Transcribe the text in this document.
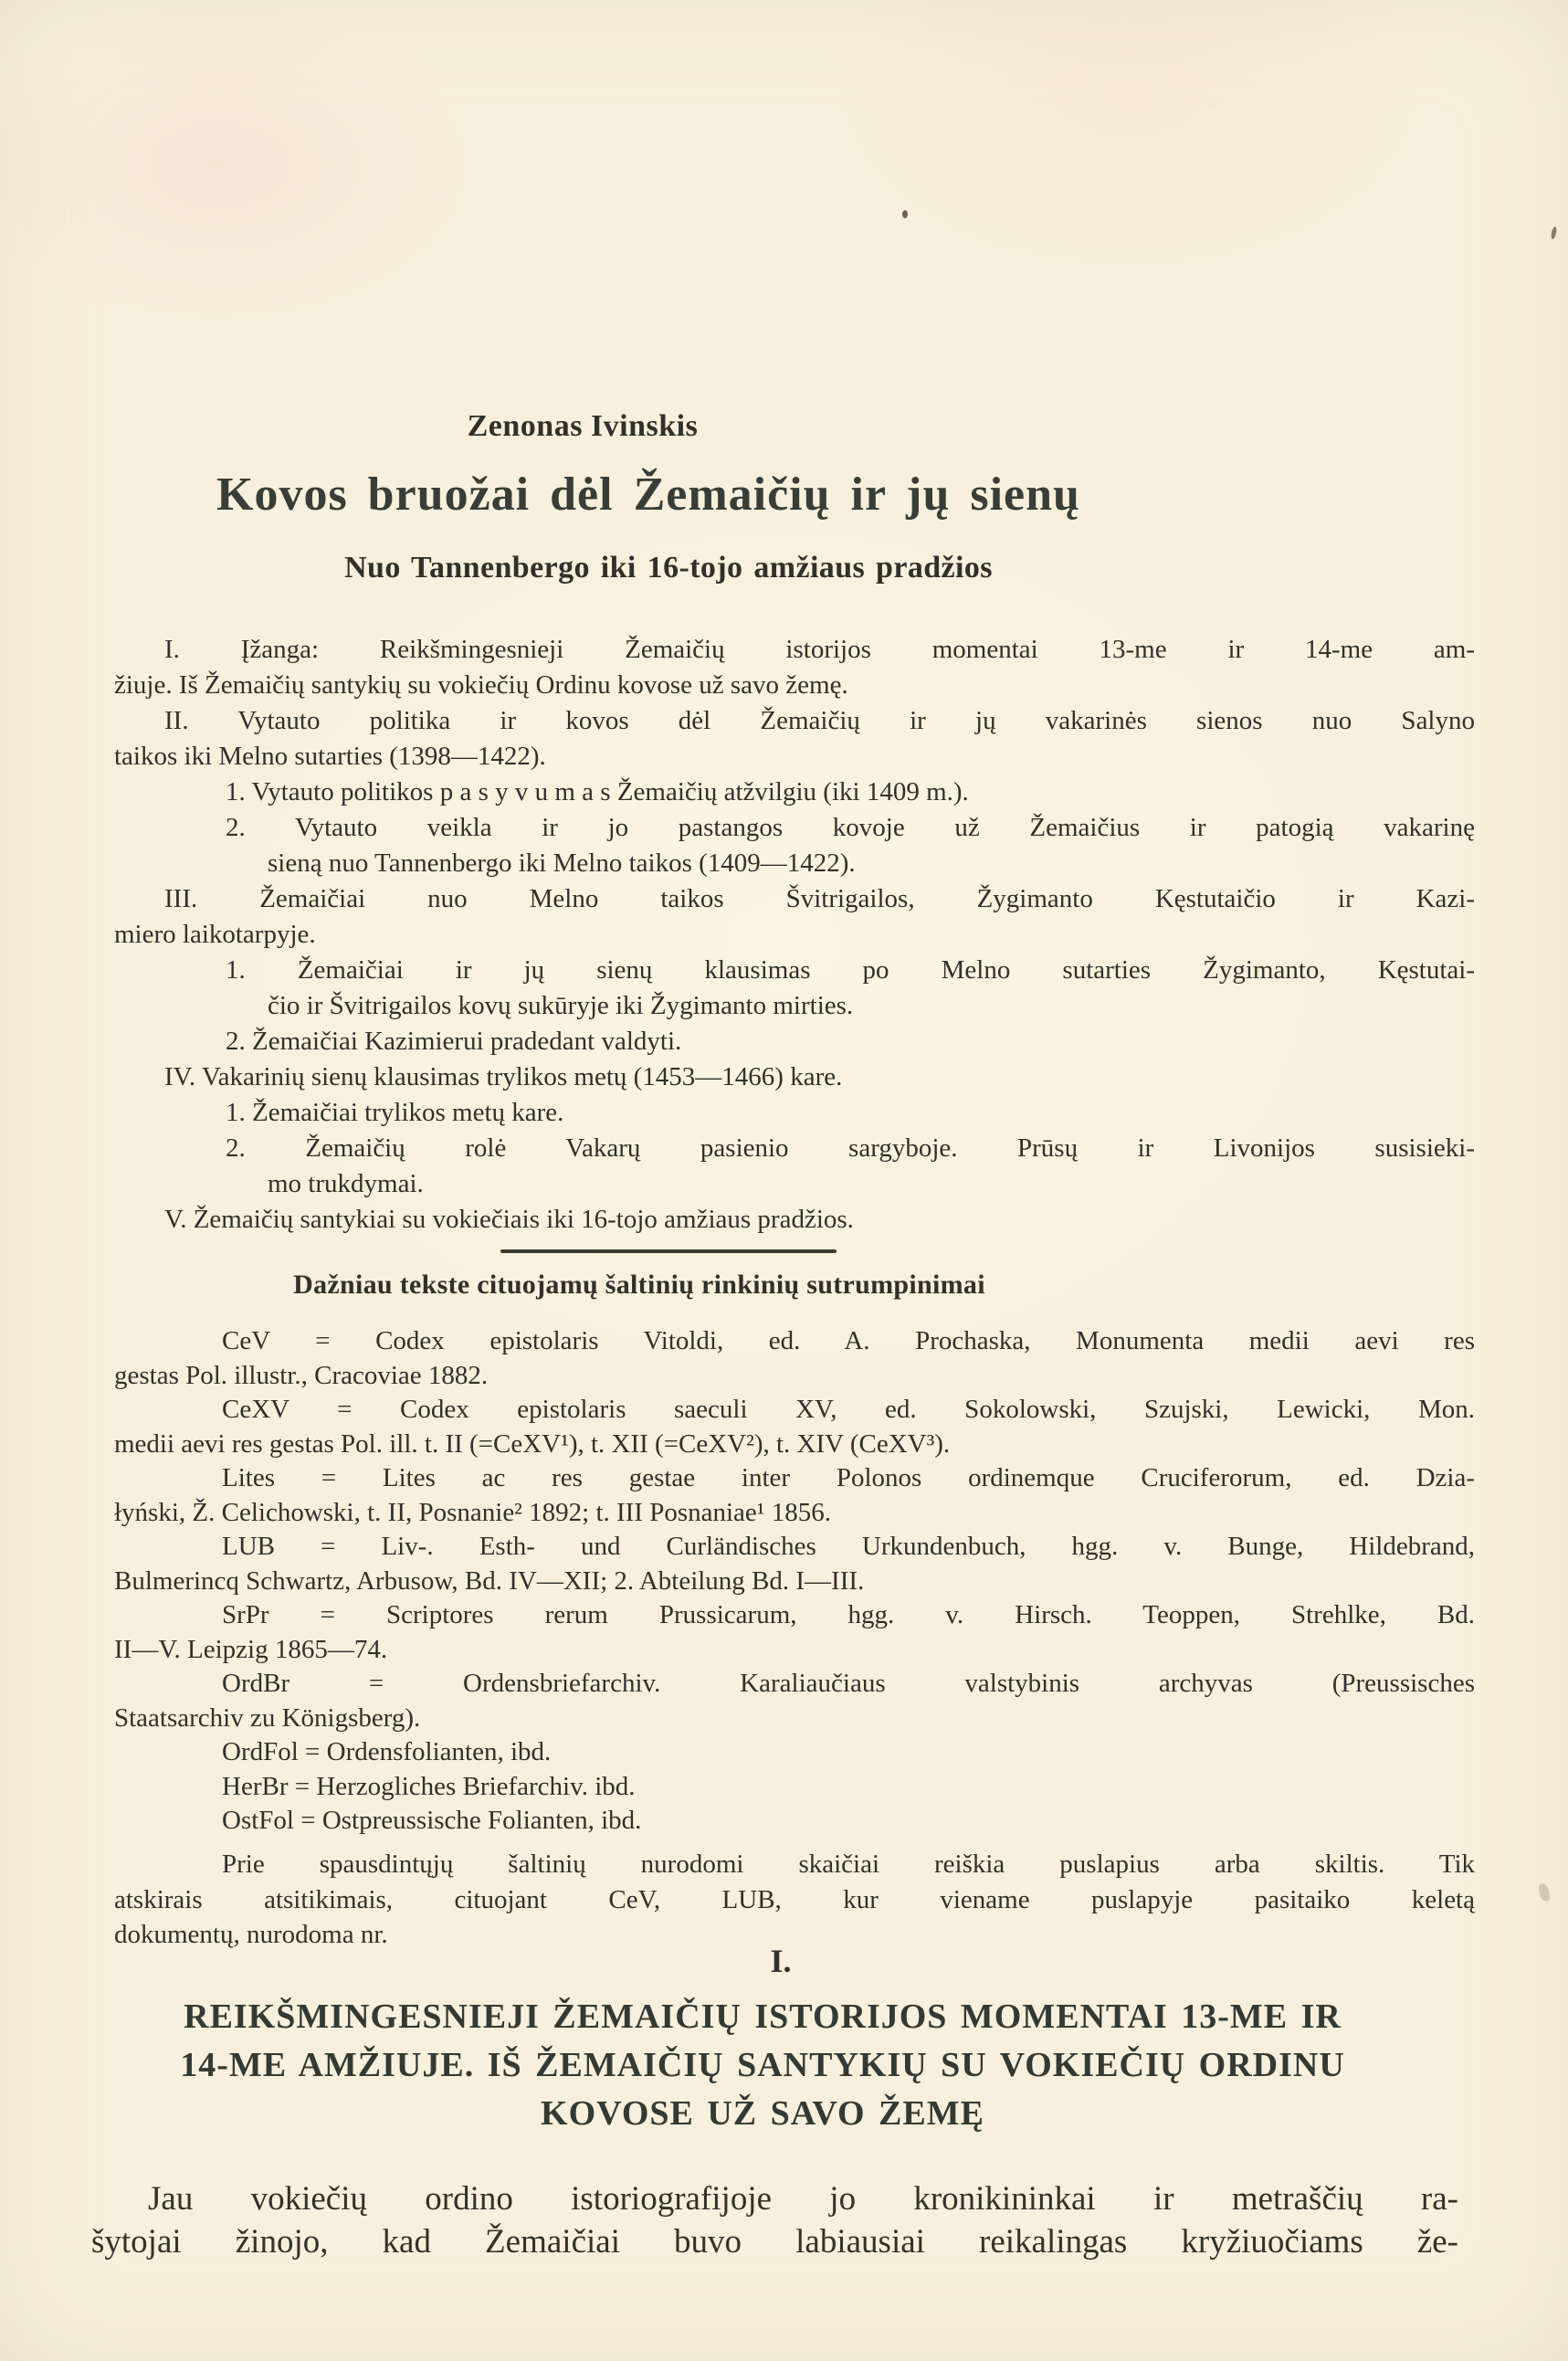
Zenonas Ivinskis
Kovos bruožai dėl Žemaičių ir jų sienų
Nuo Tannenbergo iki 16-tojo amžiaus pradžios
I. Įžanga: Reikšmingesnieji Žemaičių istorijos momentai 13-me ir 14-me am-
žiuje. Iš Žemaičių santykių su vokiečių Ordinu kovose už savo žemę.
II. Vytauto politika ir kovos dėl Žemaičių ir jų vakarinės sienos nuo Salyno
taikos iki Melno sutarties (1398—1422).
1. Vytauto politikos p a s y v u m a s Žemaičių atžvilgiu (iki 1409 m.).
2. Vytauto veikla ir jo pastangos kovoje už Žemaičius ir patogią vakarinę
sieną nuo Tannenbergo iki Melno taikos (1409—1422).
III. Žemaičiai nuo Melno taikos Švitrigailos, Žygimanto Kęstutaičio ir Kazi-
miero laikotarpyje.
1. Žemaičiai ir jų sienų klausimas po Melno sutarties Žygimanto, Kęstutai-
čio ir Švitrigailos kovų sukūryje iki Žygimanto mirties.
2. Žemaičiai Kazimierui pradedant valdyti.
IV. Vakarinių sienų klausimas trylikos metų (1453—1466) kare.
1. Žemaičiai trylikos metų kare.
2. Žemaičių rolė Vakarų pasienio sargyboje. Prūsų ir Livonijos susisieki-
mo trukdymai.
V. Žemaičių santykiai su vokiečiais iki 16-tojo amžiaus pradžios.
Dažniau tekste cituojamų šaltinių rinkinių sutrumpinimai
CeV = Codex epistolaris Vitoldi, ed. A. Prochaska, Monumenta medii aevi res
gestas Pol. illustr., Cracoviae 1882.
CeXV = Codex epistolaris saeculi XV, ed. Sokolowski, Szujski, Lewicki, Mon.
medii aevi res gestas Pol. ill. t. II (=CeXV¹), t. XII (=CeXV²), t. XIV (CeXV³).
Lites = Lites ac res gestae inter Polonos ordinemque Cruciferorum, ed. Dzia-
łyński, Ž. Celichowski, t. II, Posnanie² 1892; t. III Posnaniae¹ 1856.
LUB = Liv-. Esth- und Curländisches Urkundenbuch, hgg. v. Bunge, Hildebrand,
Bulmerincq Schwartz, Arbusow, Bd. IV—XII; 2. Abteilung Bd. I—III.
SrPr = Scriptores rerum Prussicarum, hgg. v. Hirsch. Teoppen, Strehlke, Bd.
II—V. Leipzig 1865—74.
OrdBr = Ordensbriefarchiv. Karaliaučiaus valstybinis archyvas (Preussisches
Staatsarchiv zu Königsberg).
OrdFol = Ordensfolianten, ibd.
HerBr = Herzogliches Briefarchiv. ibd.
OstFol = Ostpreussische Folianten, ibd.
Prie spausdintųjų šaltinių nurodomi skaičiai reiškia puslapius arba skiltis. Tik
atskirais atsitikimais, cituojant CeV, LUB, kur viename puslapyje pasitaiko keletą
dokumentų, nurodoma nr.
I.
REIKŠMINGESNIEJI ŽEMAIČIŲ ISTORIJOS MOMENTAI 13-ME IR
14-ME AMŽIUJE. IŠ ŽEMAIČIŲ SANTYKIŲ SU VOKIEČIŲ ORDINU
KOVOSE UŽ SAVO ŽEMĘ
Jau vokiečių ordino istoriografijoje jo kronikininkai ir metraščių ra-
šytojai žinojo, kad Žemaičiai buvo labiausiai reikalingas kryžiuočiams že-
